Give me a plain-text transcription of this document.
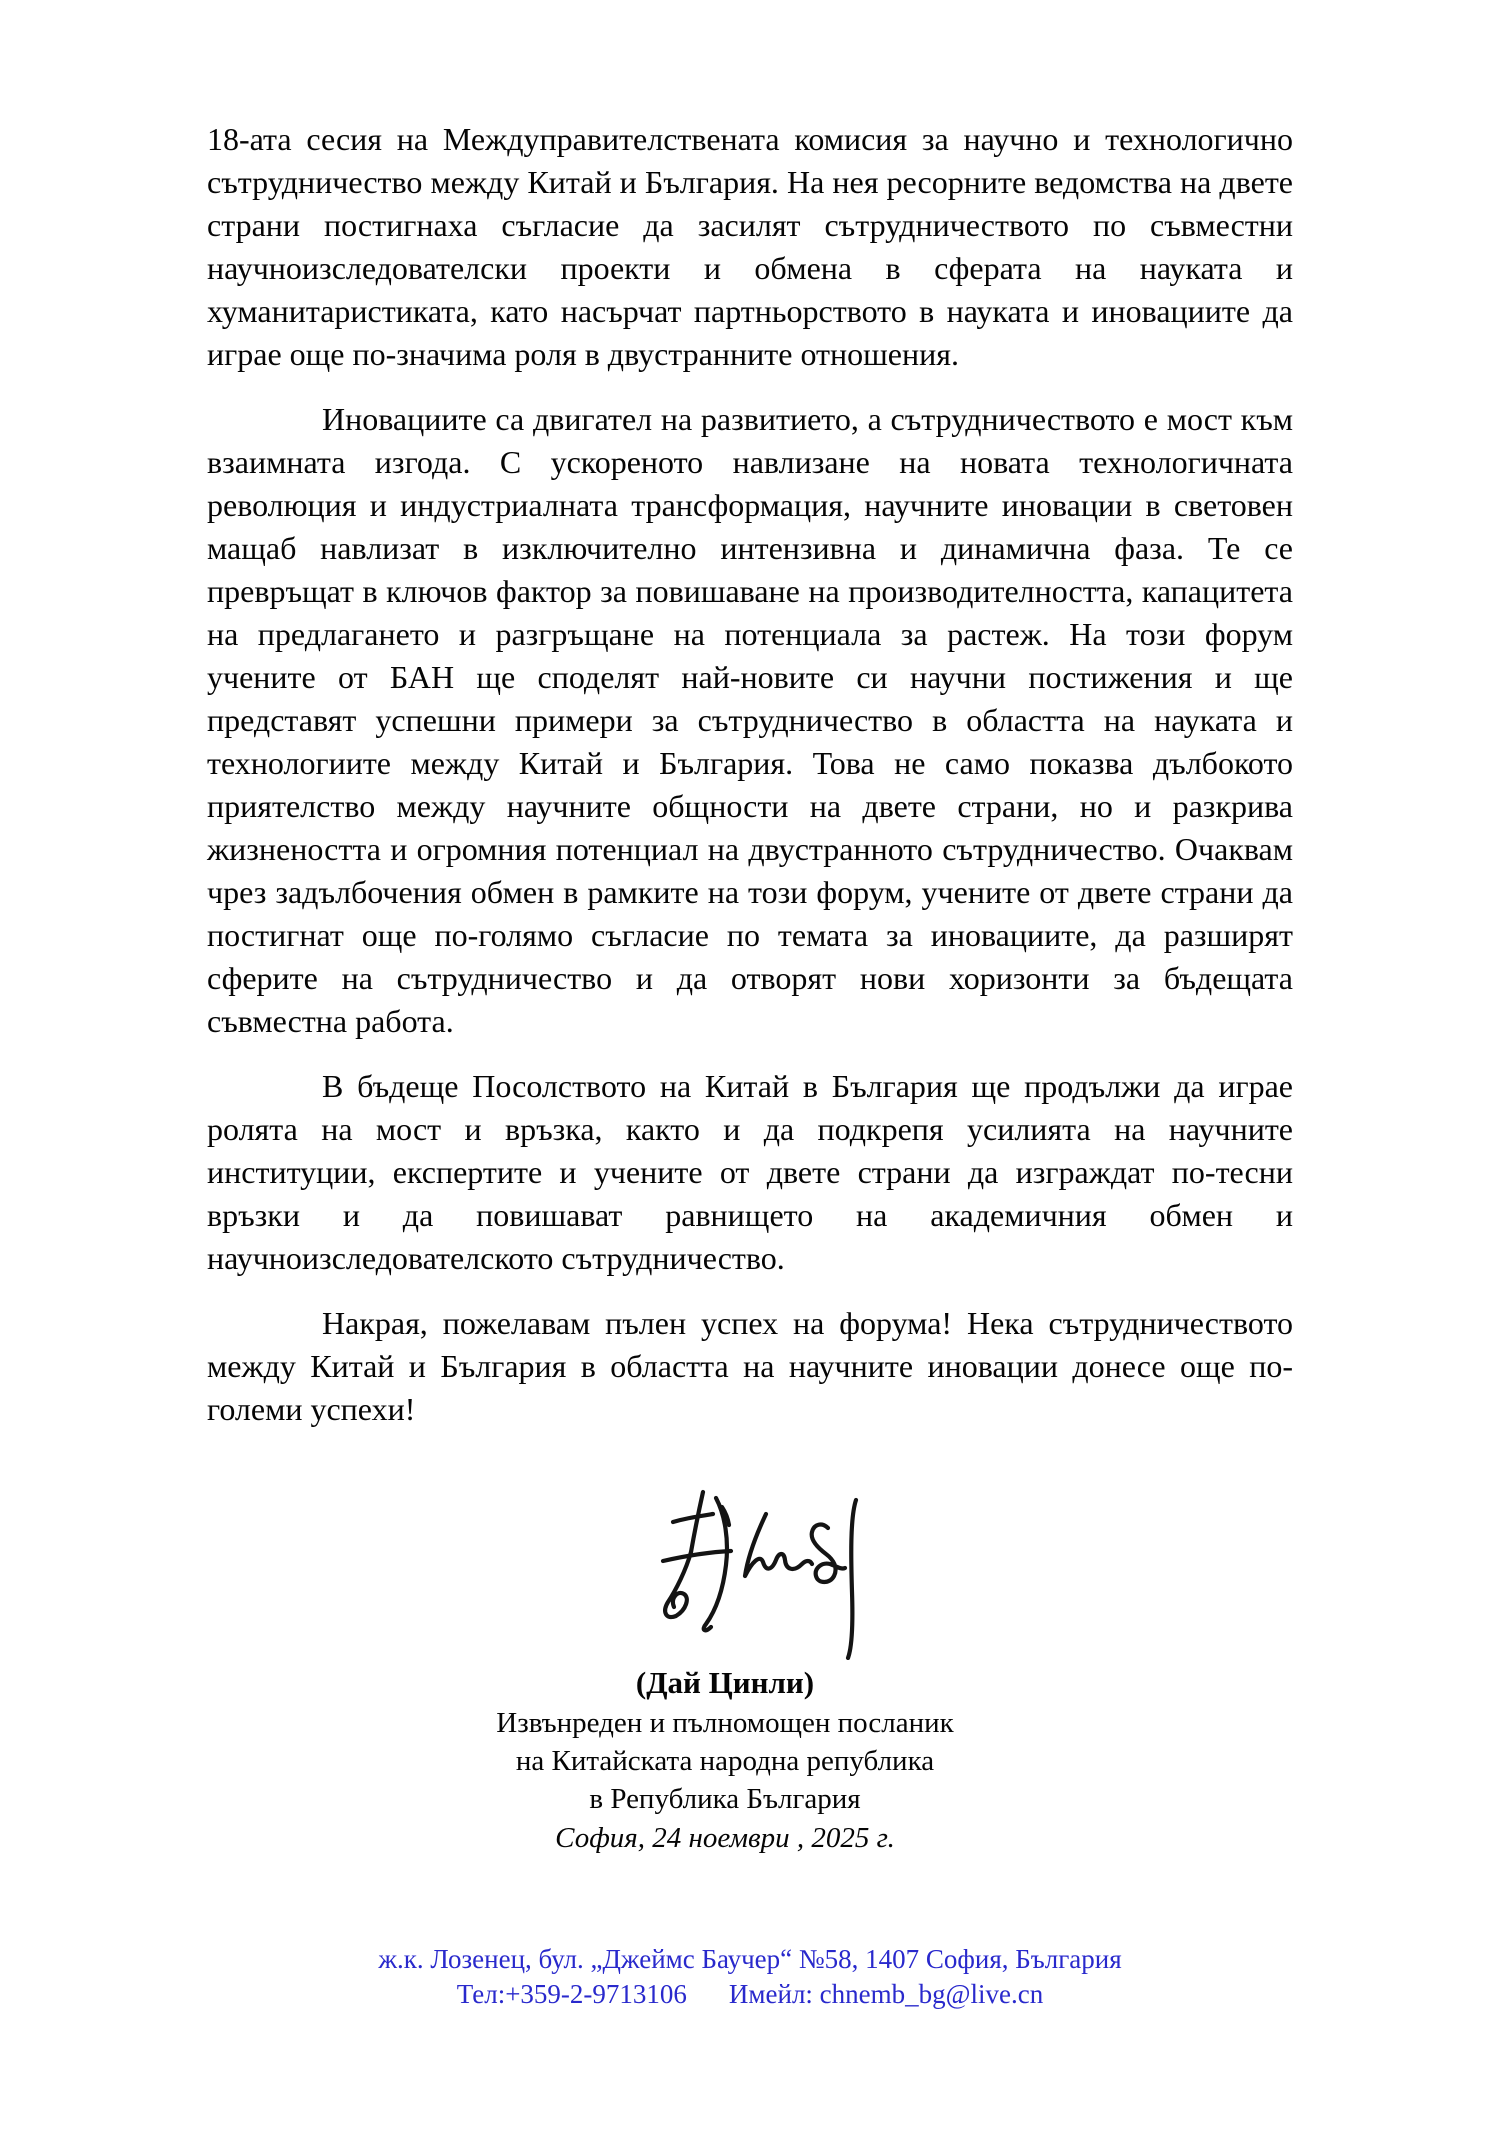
18-ата сесия на Междуправителствената комисия за научно и технологично сътрудничество между Китай и България. На нея ресорните ведомства на двете страни постигнаха съгласие да засилят сътрудничеството по съвместни научноизследователски проекти и обмена в сферата на науката и хуманитаристиката, като насърчат партньорството в науката и иновациите да играе още по-значима роля в двустранните отношения.

Иновациите са двигател на развитието, а сътрудничеството е мост към взаимната изгода. С ускореното навлизане на новата технологичната революция и индустриалната трансформация, научните иновации в световен мащаб навлизат в изключително интензивна и динамична фаза. Те се превръщат в ключов фактор за повишаване на производителността, капацитета на предлагането и разгръщане на потенциала за растеж. На този форум учените от БАН ще споделят най-новите си научни постижения и ще представят успешни примери за сътрудничество в областта на науката и технологиите между Китай и България. Това не само показва дълбокото приятелство между научните общности на двете страни, но и разкрива жизнеността и огромния потенциал на двустранното сътрудничество. Очаквам чрез задълбочения обмен в рамките на този форум, учените от двете страни да постигнат още по-голямо съгласие по темата за иновациите, да разширят сферите на сътрудничество и да отворят нови хоризонти за бъдещата съвместна работа.

В бъдеще Посолството на Китай в България ще продължи да играе ролята на мост и връзка, както и да подкрепя усилията на научните институции, експертите и учените от двете страни да изграждат по-тесни връзки и да повишават равнището на академичния обмен и научноизследователското сътрудничество.

Накрая, пожелавам пълен успех на форума! Нека сътрудничеството между Китай и България в областта на научните иновации донесе още по-големи успехи!

(Дай Цинли)
Извънреден и пълномощен посланик
на Китайската народна република
в Република България
София, 24 ноември , 2025 г.
ж.к. Лозенец, бул. „Джеймс Баучер“ №58, 1407 София, България
Тел:+359-2-9713106 Имейл: chnemb_bg@live.cn
